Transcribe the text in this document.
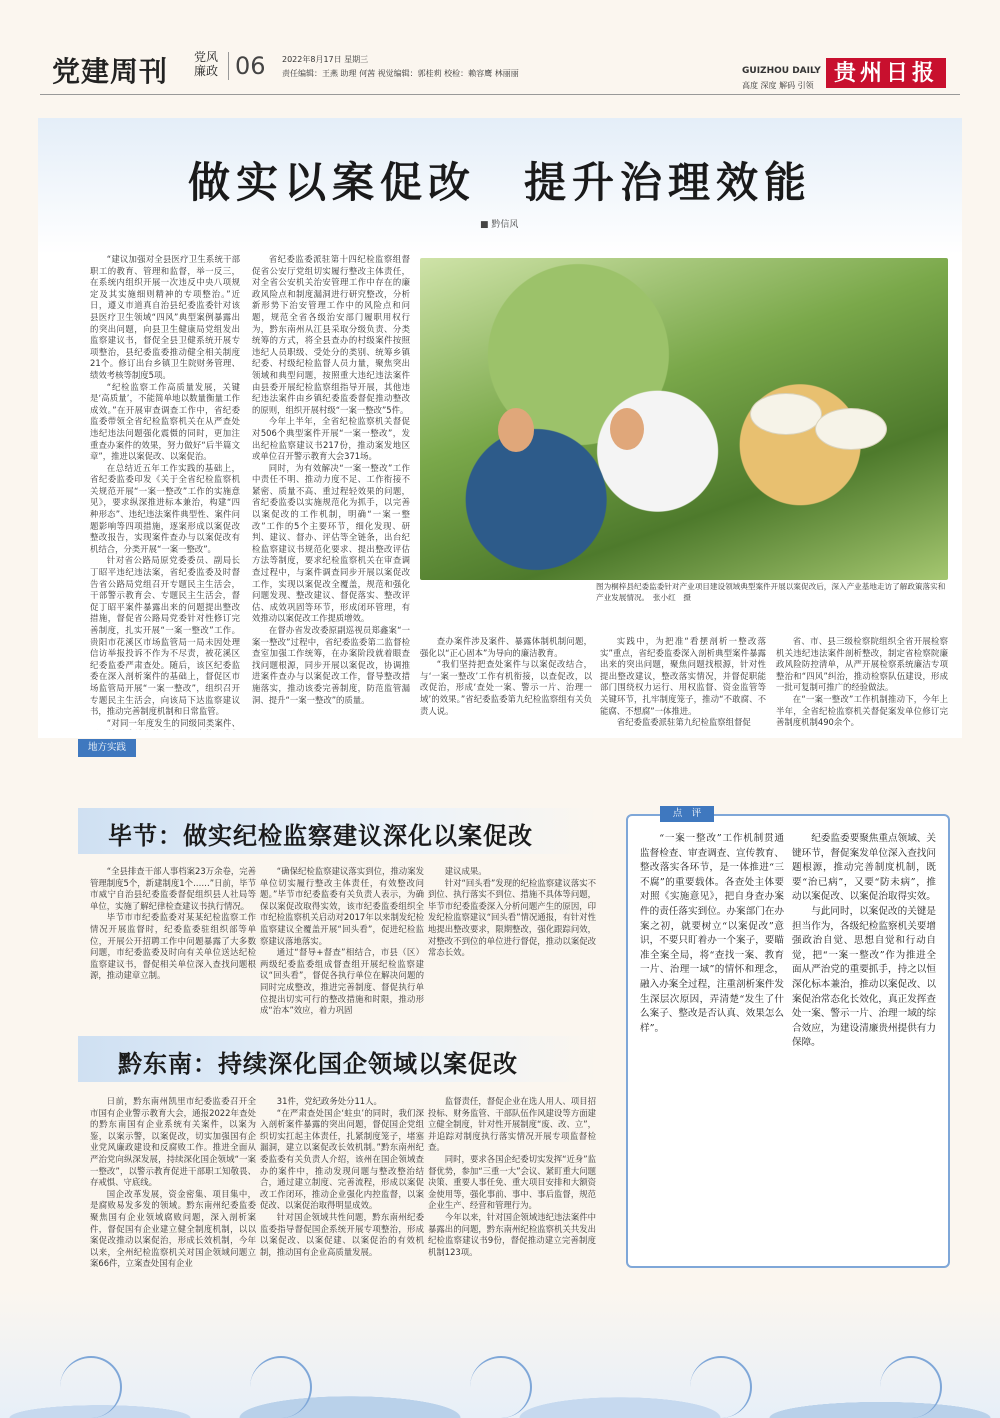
党建周刊 党风廉政 06 2022年8月17日 星期三
责任编辑：王燕 助理 何茜 视觉编辑：郭桂莉 校检：赖容鹰 林丽丽	GUIZHOU DAILY
高度 深度 解码 引领 贵州日报
做实以案促改　提升治理效能
■ 黔信风

“建议加强对全县医疗卫生系统干部职工的教育、管理和监督，举一反三，在系统内组织开展一次违反中央八项规定及其实施细则精神的专项整治。”近日，遵义市道真自治县纪委监委针对该县医疗卫生领域“四风”典型案例暴露出的突出问题，向县卫生健康局党组发出监察建议书，督促全县卫健系统开展专项整治，县纪委监委推动健全相关制度21个。修订出台乡镇卫生院财务管理、绩效考核等制度5项。

“纪检监察工作高质量发展，关键是‘高质量’，不能简单地以数量衡量工作成效。”在开展审查调查工作中，省纪委监委带领全省纪检监察机关在从严查处违纪违法问题强化震慑的同时，更加注重查办案件的效果，努力做好“后半篇文章”，推进以案促改、以案促治。

在总结近五年工作实践的基础上，省纪委监委印发《关于全省纪检监察机关规范开展“一案一整改”工作的实施意见》，要求纵深推进标本兼治，构建“四种形态”、违纪违法案件典型性、案件问题影响等四项措施，逐案形成以案促改整改报告，实现案件查办与以案促改有机结合，分类开展“一案一整改”。

针对省公路局原党委委员、副局长丁昭平违纪违法案，省纪委监委及时督告省公路局党组召开专题民主生活会，干部警示教育会、专题民主生活会，督促丁昭平案件暴露出来的问题提出整改措施，督促省公路局党委针对性修订完善制度，扎实开展“一案一整改”工作。贵阳市花溪区市场监管局一局未因处理信访举报投诉不作为不尽责，被花溪区纪委监委严肃查处。随后，该区纪委监委在深入剖析案件的基础上，督促区市场监管局开展“一案一整改”，组织召开专题民主生活会，向该局下达监察建议书，推动完善制度机制和日常监管。

“对同一年度发生的同级同类案件、

省纪委监委派驻第十四纪检监察组督促省公安厅党组切实履行整改主体责任，对全省公安机关治安管理工作中存在的廉政风险点和制度漏洞进行研究整改，分析新形势下治安管理工作中的风险点和问题，规范全省各级治安部门履职用权行为，黔东南州从江县采取分级负责、分类统筹的方式，将全县查办的村级案件按照违纪人员职级、受处分的类别、统筹乡镇纪委、村级纪检监督人员力量，聚焦突出领域和典型问题，按照重大违纪违法案件由县委开展纪检监察组指导开展，其他违纪违法案件由乡镇纪委监委督促推动整改的原则，组织开展村级“一案一整改”5件。

今年上半年，全省纪检监察机关督促对506个典型案件开展“一案一整改”，发出纪检监察建议书217份，推动案发地区或单位召开警示教育大会371场。

同时，为有效解决“一案一整改”工作中责任不明、推动力度不足、工作衔接不紧密、质量不高、重过程轻效果的问题，省纪委监委以实施规范化为抓手，以完善以案促改的工作机制，明确“一案一整改”工作的5个主要环节，细化发现、研判、建议、督办、评估等全链条，出台纪检监察建议书规范化要求、提出整改评估方法等制度，要求纪检监察机关在审查调查过程中，与案件调查同步开展以案促改工作，实现以案促改全覆盖，规范和强化问题发现、整改建议、督促落实、整改评估、成效巩固等环节，形成闭环管理，有效推动以案促改工作提质增效。

在督办省发改委原副巡视员郑鑫案“一案一整改”过程中，省纪委监委第二监督检查室加强工作统筹，在办案阶段就着眼查找问题根源，同步开展以案促改，协调推进案件查办与以案促改工作，督导整改措施落实，推动该委完善制度，防范监管漏洞、提升“一案一整改”的质量。

图为桐梓县纪委监委针对产业项目建设领域典型案件开展以案促改后，深入产业基地走访了解政策落实和产业发展情况。　张小红　摄

查办案件涉及案件、暴露体制机制问题，强化以“正心固本”为导向的廉洁教育。

“我们坚持把查处案件与以案促改结合，与‘一案一整改’工作有机衔接，以查促改，以改促治，形成‘查处一案、警示一片、治理一域’的效果。”省纪委监委第九纪检监察组有关负责人说。

实践中，为把准“看摆剖析一整改落实”重点，省纪委监委深入剖析典型案件暴露出来的突出问题，聚焦问题找根源，针对性提出整改建议，整改落实情况，并督促职能部门围绕权力运行、用权监督、资金监管等关键环节，扎牢制度笼子，推动“不敢腐、不能腐、不想腐”一体推进。

省纪委监委派驻第九纪检监察组督促

省、市、县三级检察院组织全省开展检察机关违纪违法案件剖析整改，制定省检察院廉政风险防控清单，从严开展检察系统廉洁专项整治和“四风”纠治，推动检察队伍建设，形成一批可复制可推广的经验做法。

在“一案一整改”工作机制推动下，今年上半年，全省纪检监察机关督促案发单位修订完善制度机制490余个。

地方实践
毕节：做实纪检监察建议深化以案促改

“全县排查干部人事档案23万余卷，完善管理制度5个，新建制度1个……”日前，毕节市威宁自治县纪委监委督促组织县人社局等单位，实施了解纪律检查建议书执行情况。

毕节市市纪委监委对某某纪检监察工作情况开展监督时，纪委监委驻组织部等单位，开展公开招聘工作中问题暴露了大多数问题，市纪委监委及时向有关单位送达纪检监察建议书，督促相关单位深入查找问题根源，推动建章立制。

“确保纪检监察建议落实到位，推动案发单位切实履行整改主体责任，有效整改问题。”毕节市纪委监委有关负责人表示，为确保以案促改取得实效，该市纪委监委组织全市纪检监察机关启动对2017年以来制发纪检监察建议全覆盖开展“回头看”，促进纪检监察建议落地落实。

通过“督导+督查”相结合，市县（区）两级纪委监委组成督查组开展纪检监察建议“回头看”，督促各执行单位在解决问题的同时完成整改，推进完善制度、督促执行单位提出切实可行的整改措施和时限，推动形成“治本”效应，着力巩固

建议成果。

针对“回头看”发现的纪检监察建议落实不到位、执行落实不到位、措施不具体等问题，毕节市纪委监委深入分析问题产生的原因，印发纪检监察建议“回头看”情况通报，有针对性地提出整改要求，限期整改，强化跟踪问效，对整改不到位的单位进行督促，推动以案促改常态长效。

黔东南：持续深化国企领域以案促改

日前，黔东南州凯里市纪委监委召开全市国有企业警示教育大会，通报2022年查处的黔东南国有企业系统有关案件，以案为鉴，以案示警，以案促改，切实加强国有企业党风廉政建设和反腐败工作。推进全面从严治党向纵深发展，持续深化国企领域“一案一整改”，以警示教育促进干部职工知敬畏、存戒惧、守底线。

国企改革发展，资金密集、项目集中，是腐败易发多发的领域。黔东南州纪委监委聚焦国有企业领域腐败问题，深入剖析案件，督促国有企业建立健全制度机制，以以案促改推动以案促治，形成长效机制，今年以来，全州纪检监察机关对国企领域问题立案66件，立案查处国有企业

31件，党纪政务处分11人。

“在严肃查处国企‘蛀虫’的同时，我们深入剖析案件暴露的突出问题，督促国企党组织切实扛起主体责任，扎紧制度笼子，堵塞漏洞，建立以案促改长效机制。”黔东南州纪委监委有关负责人介绍，该州在国企领域查办的案件中，推动发现问题与整改整治结合，通过建立制度、完善流程，形成以案促改工作闭环，推动企业强化内控监督，以案促改、以案促治取得明显成效。

针对国企领域共性问题，黔东南州纪委监委指导督促国企系统开展专项整治，形成以案促改、以案促建、以案促治的有效机制，推动国有企业高质量发展。

监督责任，督促企业在选人用人、项目招投标、财务监管、干部队伍作风建设等方面建立健全制度，针对性开展制度“废、改、立”，并追踪对制度执行落实情况开展专项监督检查。

同时，要求各国企纪委切实发挥“近身”监督优势，参加“三重一大”会议、紧盯重大问题决策、重要人事任免、重大项目安排和大额资金使用等，强化事前、事中、事后监督，规范企业生产、经营和管理行为。

今年以来，针对国企领域违纪违法案件中暴露出的问题，黔东南州纪检监察机关共发出纪检监察建议书9份，督促推动建立完善制度机制123项。

点　评

“一案一整改”工作机制贯通监督检查、审查调查、宣传教育、整改落实各环节，是一体推进“三不腐”的重要载体。各查处主体要对照《实施意见》，把自身查办案件的责任落实到位。办案部门在办案之初，就要树立“以案促改”意识，不要只盯着办一个案子，要瞄准全案全局，将“查找一案、教育一片、治理一域”的情怀和理念，融入办案全过程，注重剖析案件发生深层次原因，弄清楚“发生了什么案子、整改是否认真、效果怎么样”。

纪委监委要聚焦重点领域、关键环节，督促案发单位深入查找问题根源，推动完善制度机制，既要“治已病”，又要“防未病”，推动以案促改、以案促治取得实效。

与此同时，以案促改的关键是担当作为，各级纪检监察机关要增强政治自觉、思想自觉和行动自觉，把“一案一整改”作为推进全面从严治党的重要抓手，持之以恒深化标本兼治，推动以案促改、以案促治常态化长效化，真正发挥查处一案、警示一片、治理一域的综合效应，为建设清廉贵州提供有力保障。
